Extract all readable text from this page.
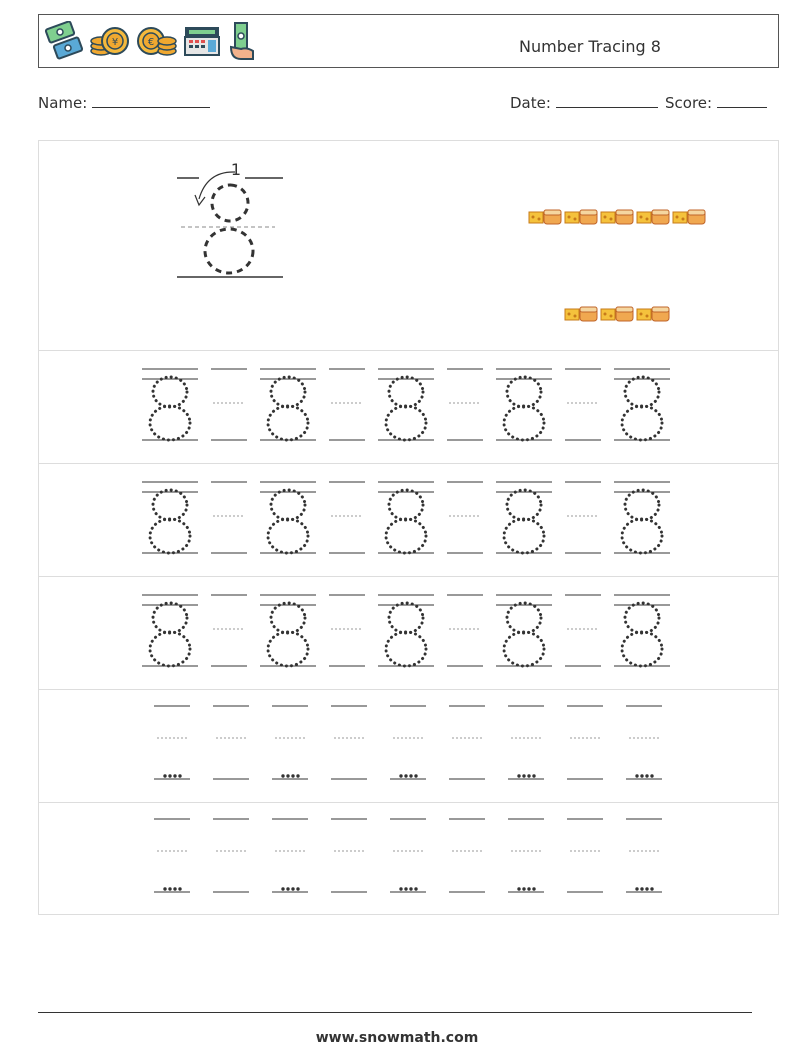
¥	€	Number Tracing 8
Name:	Date:	Score:
1
www.snowmath.com
